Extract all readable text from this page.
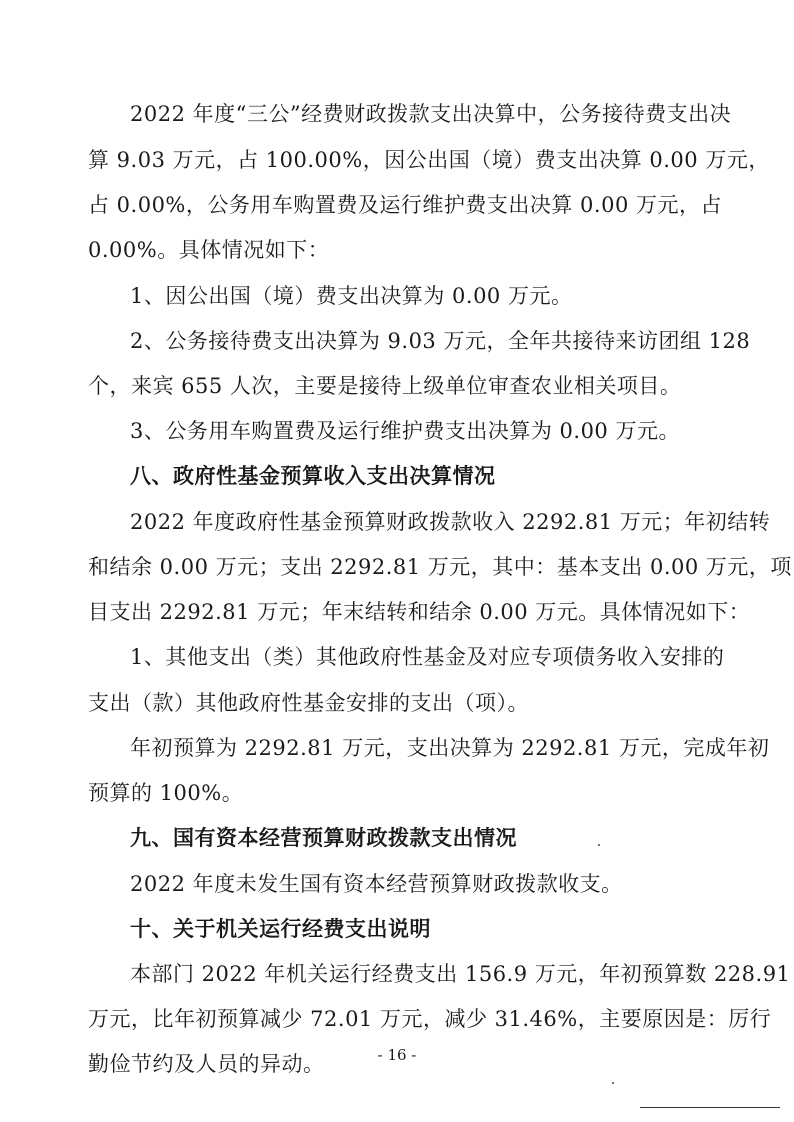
2022 年度“三公”经费财政拨款支出决算中，公务接待费支出决
算 9.03 万元，占 100.00%，因公出国（境）费支出决算 0.00 万元，
占 0.00%，公务用车购置费及运行维护费支出决算 0.00 万元，占
0.00%。具体情况如下：
1、因公出国（境）费支出决算为 0.00 万元。
2、公务接待费支出决算为 9.03 万元，全年共接待来访团组 128
个，来宾 655 人次，主要是接待上级单位审查农业相关项目。
3、公务用车购置费及运行维护费支出决算为 0.00 万元。
八、政府性基金预算收入支出决算情况
2022 年度政府性基金预算财政拨款收入 2292.81 万元；年初结转
和结余 0.00 万元；支出 2292.81 万元，其中：基本支出 0.00 万元，项
目支出 2292.81 万元；年末结转和结余 0.00 万元。具体情况如下：
1、其他支出（类）其他政府性基金及对应专项债务收入安排的
支出（款）其他政府性基金安排的支出（项）。
年初预算为 2292.81 万元，支出决算为 2292.81 万元，完成年初
预算的 100%。
九、国有资本经营预算财政拨款支出情况
2022 年度未发生国有资本经营预算财政拨款收支。
十、关于机关运行经费支出说明
本部门 2022 年机关运行经费支出 156.9 万元，年初预算数 228.91
万元，比年初预算减少 72.01 万元，减少 31.46%，主要原因是：厉行
勤俭节约及人员的异动。	- 16 -
